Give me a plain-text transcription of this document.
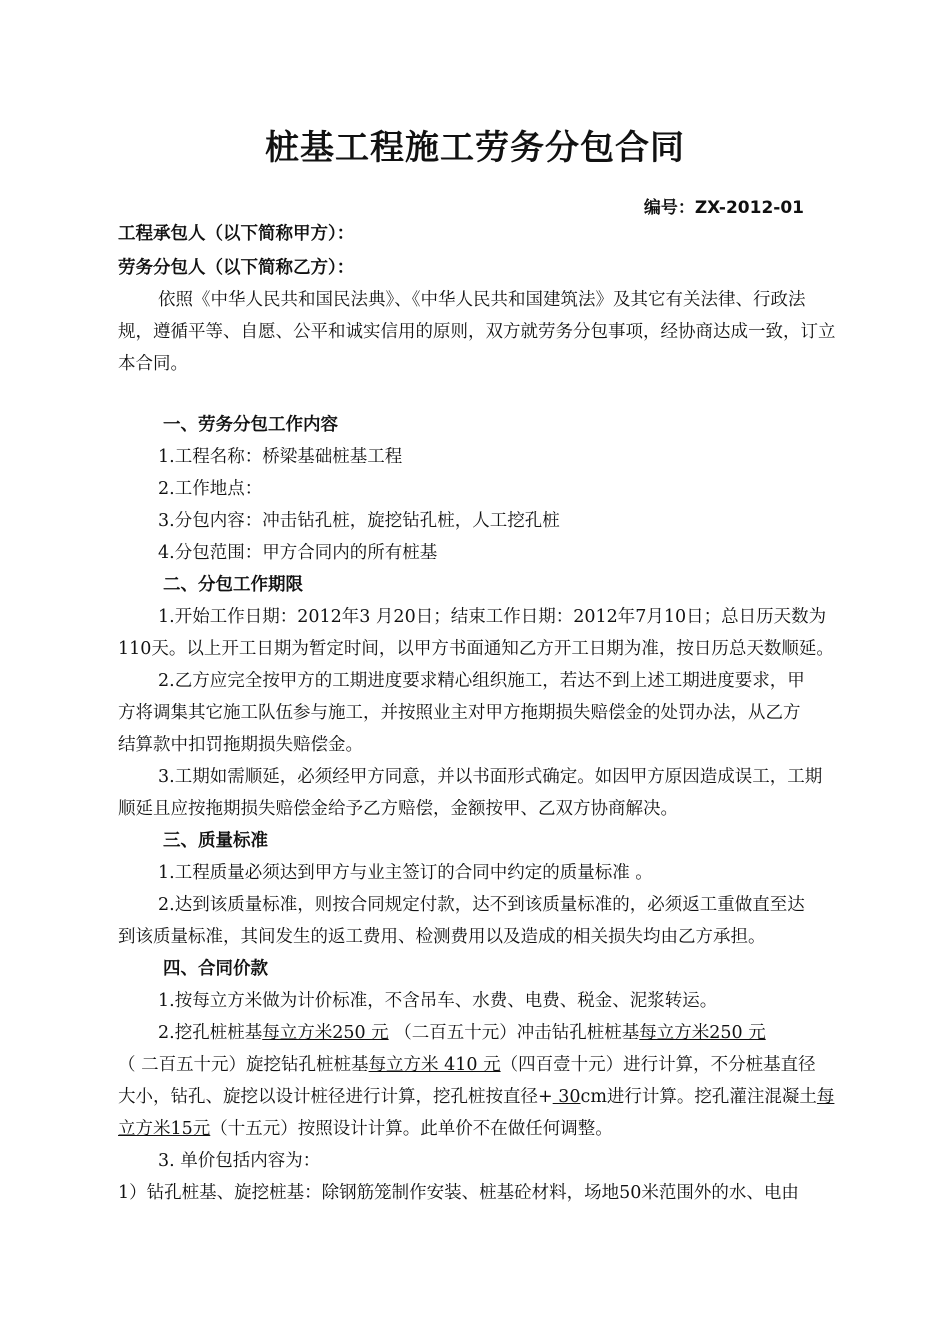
桩基工程施工劳务分包合同
编号：ZX-2012-01
工程承包人（以下简称甲方）：
劳务分包人（以下简称乙方）：
依照《中华人民共和国民法典》、《中华人民共和国建筑法》及其它有关法律、行政法
规，遵循平等、自愿、公平和诚实信用的原则，双方就劳务分包事项，经协商达成一致，订立
本合同。
一、劳务分包工作内容
1.工程名称：桥梁基础桩基工程
2.工作地点：
3.分包内容：冲击钻孔桩，旋挖钻孔桩，人工挖孔桩
4.分包范围：甲方合同内的所有桩基
二、分包工作期限
1.开始工作日期：2012年3 月20日；结束工作日期：2012年7月10日；总日历天数为
110天。以上开工日期为暂定时间，以甲方书面通知乙方开工日期为准，按日历总天数顺延。
2.乙方应完全按甲方的工期进度要求精心组织施工，若达不到上述工期进度要求，甲
方将调集其它施工队伍参与施工，并按照业主对甲方拖期损失赔偿金的处罚办法，从乙方
结算款中扣罚拖期损失赔偿金。
3.工期如需顺延，必须经甲方同意，并以书面形式确定。如因甲方原因造成误工，工期
顺延且应按拖期损失赔偿金给予乙方赔偿，金额按甲、乙双方协商解决。
三、质量标准
1.工程质量必须达到甲方与业主签订的合同中约定的质量标准 。
2.达到该质量标准，则按合同规定付款，达不到该质量标准的，必须返工重做直至达
到该质量标准，其间发生的返工费用、检测费用以及造成的相关损失均由乙方承担。
四、合同价款
1.按每立方米做为计价标准，不含吊车、水费、电费、税金、泥浆转运。
2.挖孔桩桩基每立方米250 元 （二百五十元）冲击钻孔桩桩基每立方米250 元
（ 二百五十元）旋挖钻孔桩桩基每立方米 410 元（四百壹十元）进行计算，不分桩基直径
大小，钻孔、旋挖以设计桩径进行计算，挖孔桩按直径+ 30cm进行计算。挖孔灌注混凝土每
立方米15元（十五元）按照设计计算。此单价不在做任何调整。
3. 单价包括内容为：
1）钻孔桩基、旋挖桩基：除钢筋笼制作安装、桩基砼材料，场地50米范围外的水、电由
